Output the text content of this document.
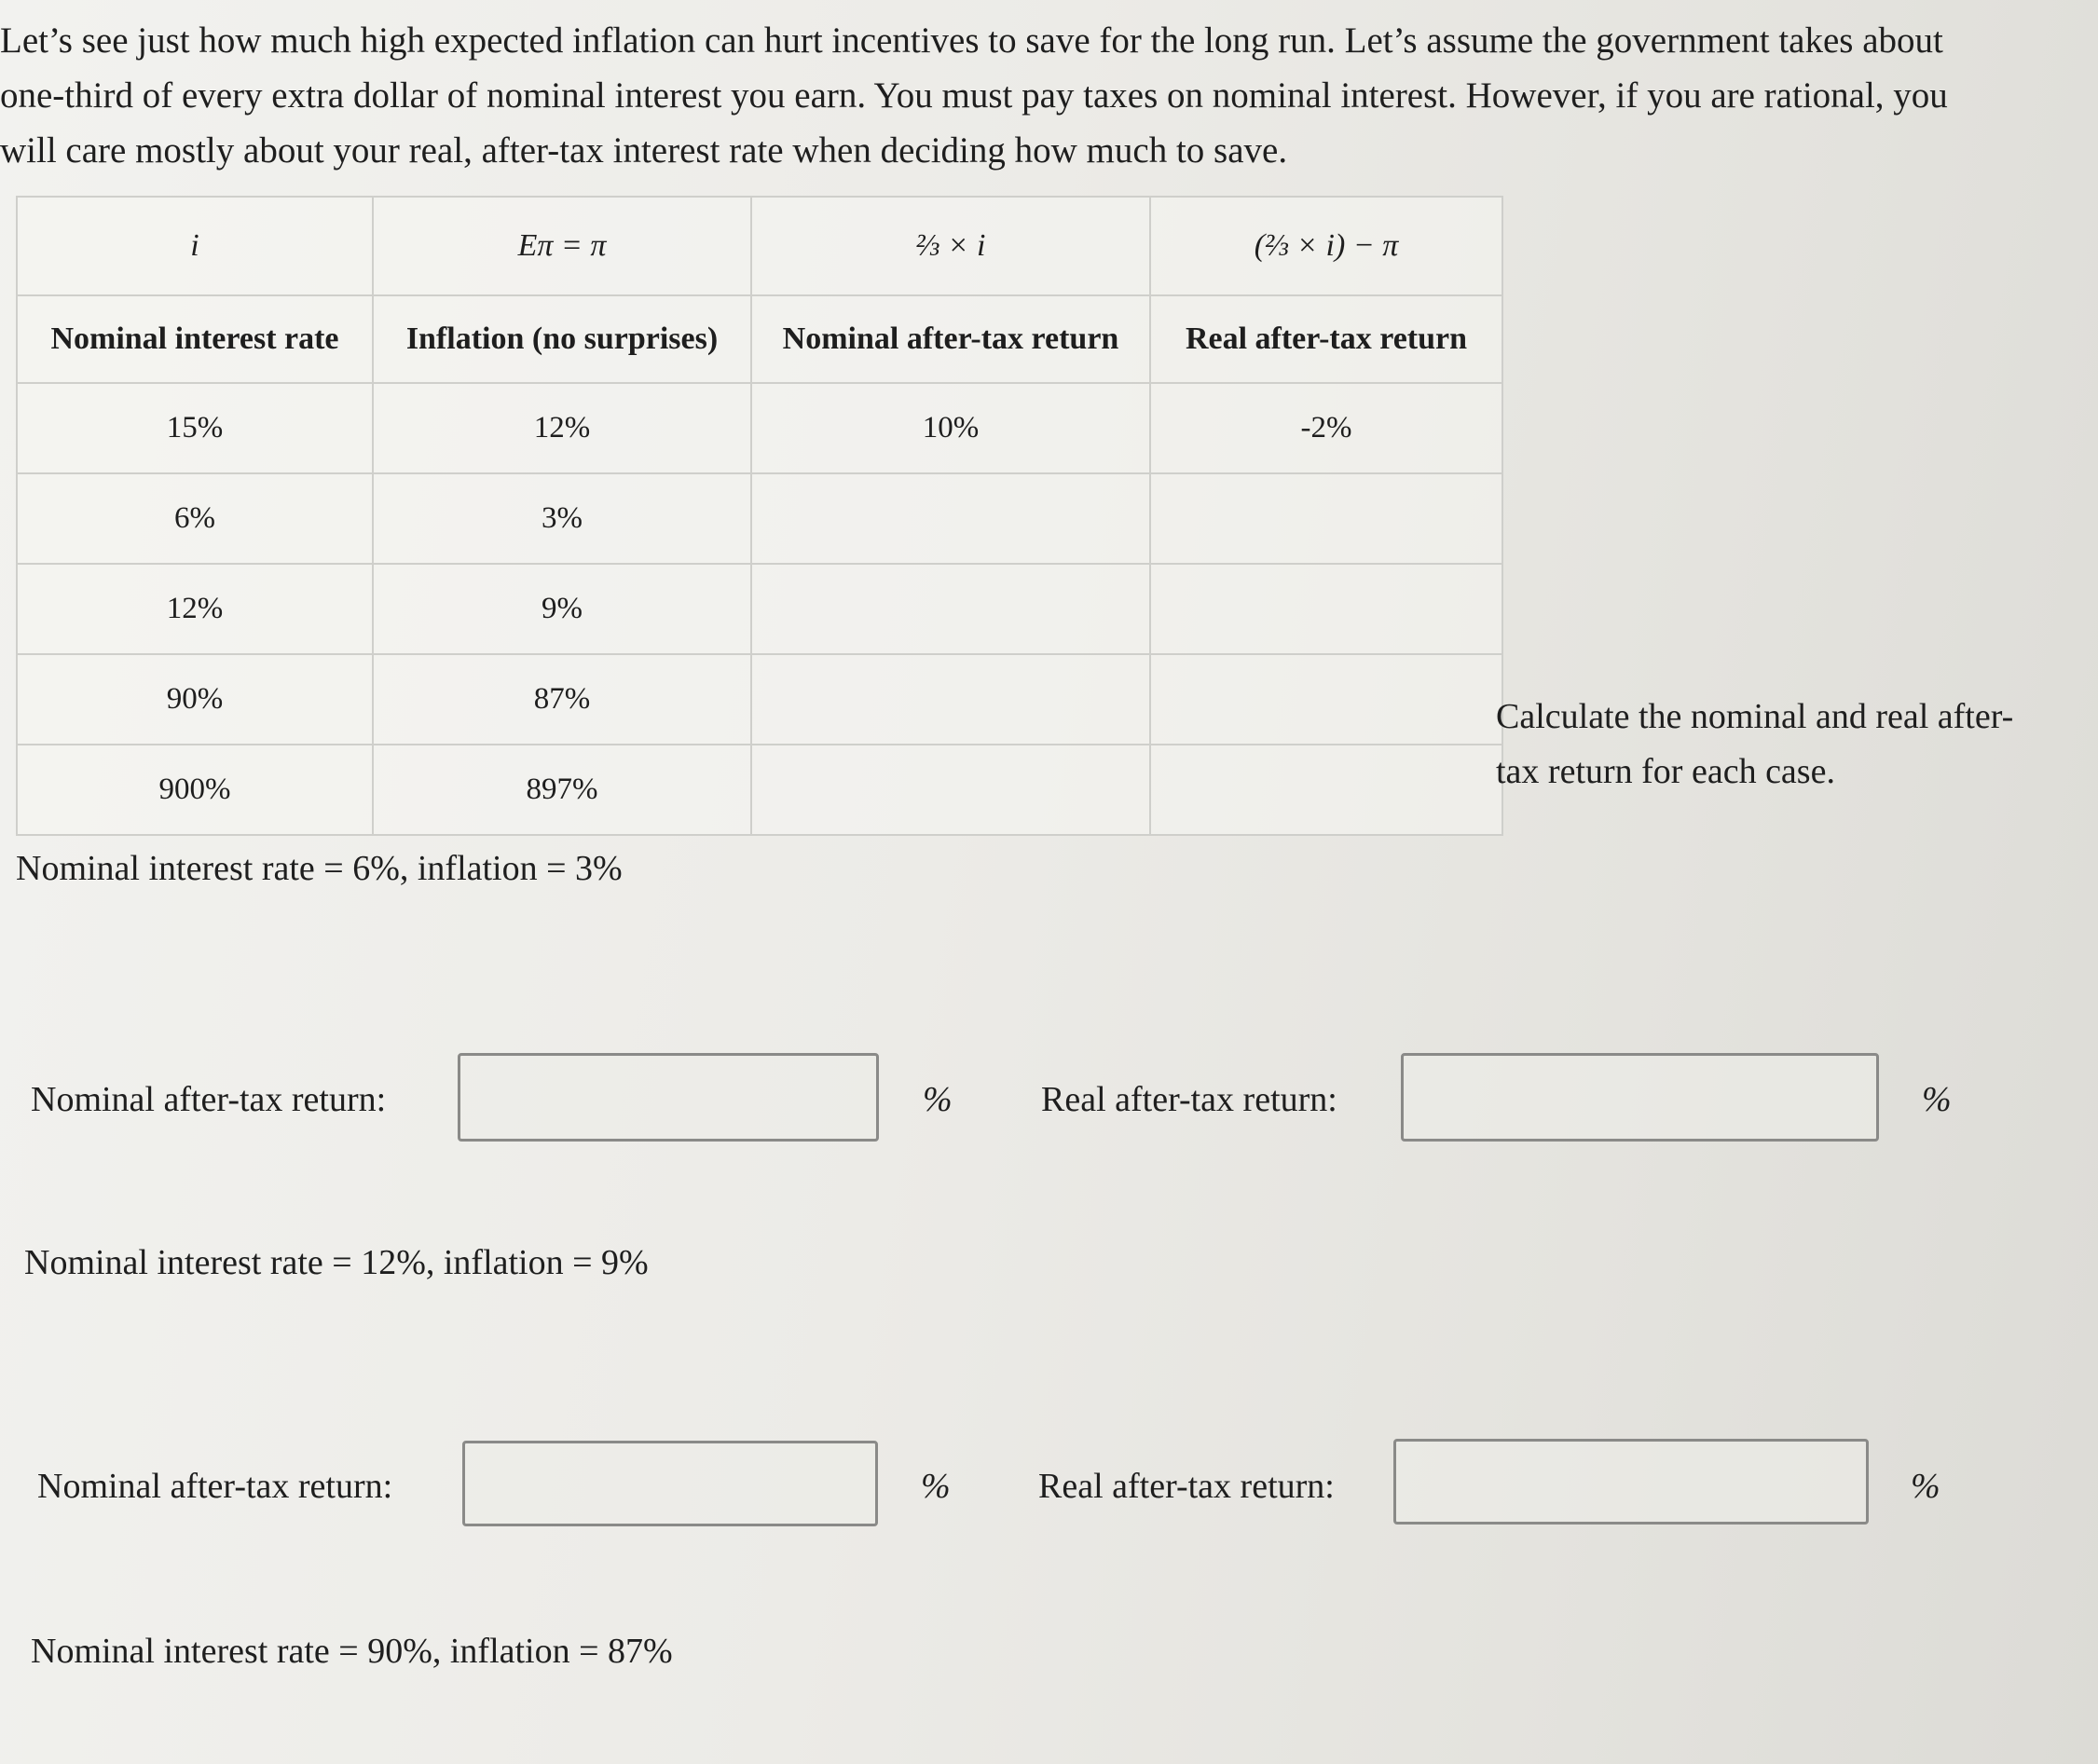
Let’s see just how much high expected inflation can hurt incentives to save for the long run. Let’s assume the government takes about one-third of every extra dollar of nominal interest you earn. You must pay taxes on nominal interest. However, if you are rational, you will care mostly about your real, after-tax interest rate when deciding how much to save.

i	Eπ = π	⅔ × i	(⅔ × i) − π
Nominal interest rate	Inflation (no surprises)	Nominal after-tax return	Real after-tax return
15%	12%	10%	-2%
6%	3%		
12%	9%		
90%	87%		
900%	897%		

Calculate the nominal and real after-tax return for each case.

Nominal interest rate = 6%, inflation = 3%

Nominal after-tax return:	%	Real after-tax return:	%

Nominal interest rate = 12%, inflation = 9%

Nominal after-tax return:	% Real after-tax return:	%

Nominal interest rate = 90%, inflation = 87%
